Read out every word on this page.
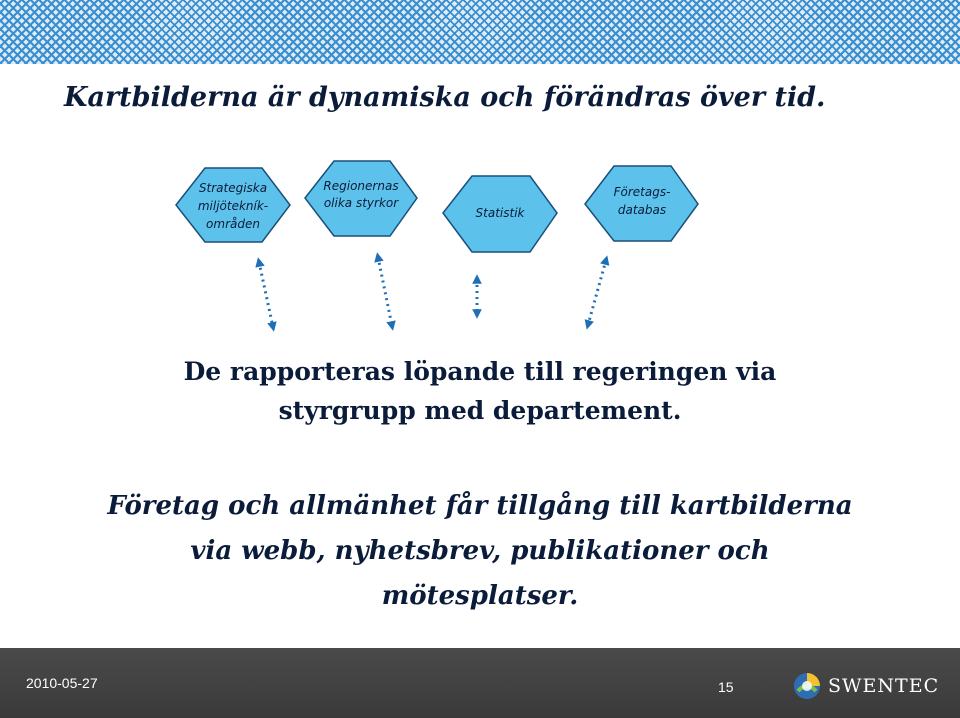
Kartbilderna är dynamiska och förändras över tid.
Strategiska
miljötekník-
områden
Regionernas
olika styrkor
Statistik
Företags-
databas
De rapporteras löpande till regeringen via
styrgrupp med departement.
Företag och allmänhet får tillgång till kartbilderna
via webb, nyhetsbrev, publikationer och
mötesplatser.
2010-05-27	15	SWENTEC
